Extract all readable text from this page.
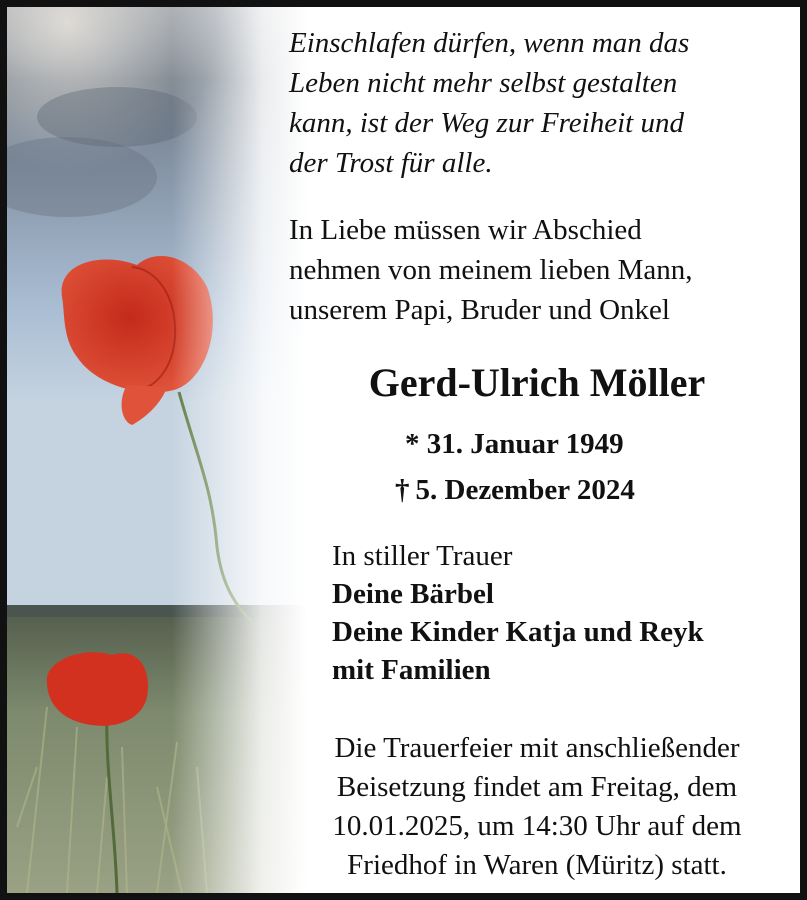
Einschlafen dürfen, wenn man das
Leben nicht mehr selbst gestalten
kann, ist der Weg zur Freiheit und
der Trost für alle.
In Liebe müssen wir Abschied
nehmen von meinem lieben Mann,
unserem Papi, Bruder und Onkel
Gerd-Ulrich Möller
* 31. Januar 1949
† 5. Dezember 2024
In stiller Trauer
Deine Bärbel
Deine Kinder Katja und Reyk
mit Familien
Die Trauerfeier mit anschließender
Beisetzung findet am Freitag, dem
10.01.2025, um 14:30 Uhr auf dem
Friedhof in Waren (Müritz) statt.
